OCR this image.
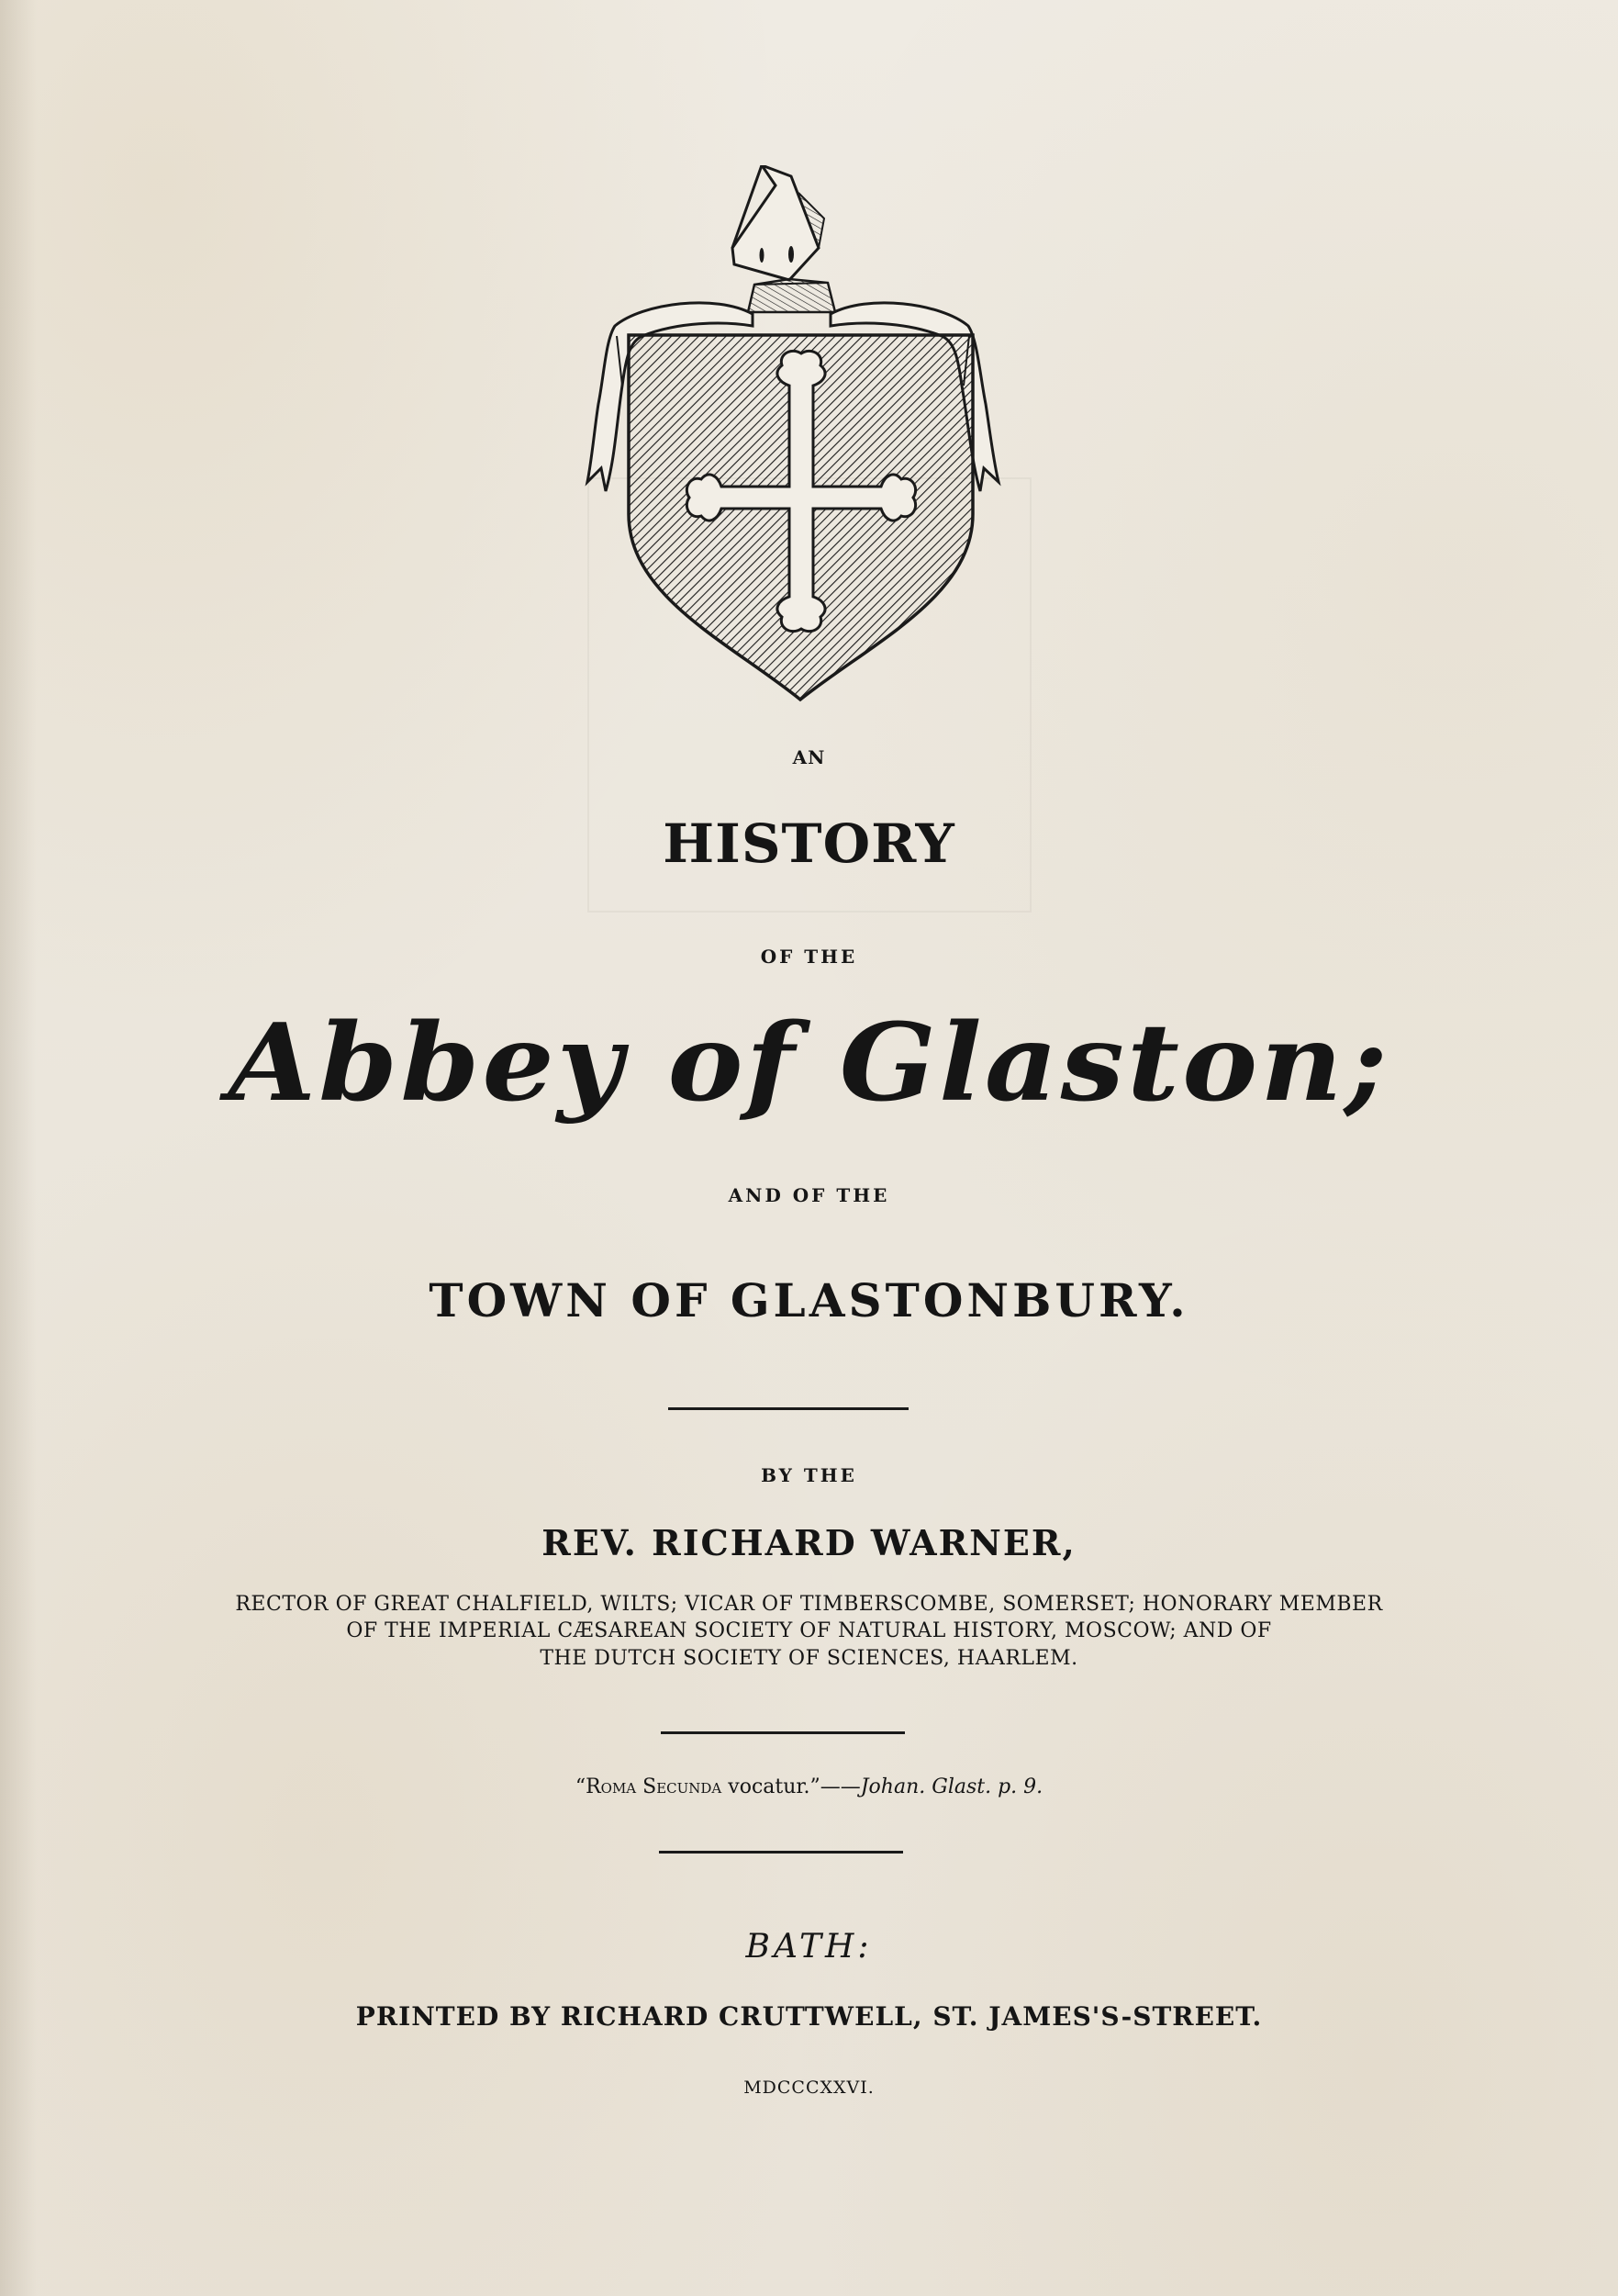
AN
HISTORY
OF THE
Abbey of Glaston;
AND OF THE
TOWN OF GLASTONBURY.
BY THE
REV. RICHARD WARNER,
RECTOR OF GREAT CHALFIELD, WILTS; VICAR OF TIMBERSCOMBE, SOMERSET; HONORARY MEMBER
OF THE IMPERIAL CÆSAREAN SOCIETY OF NATURAL HISTORY, MOSCOW; AND OF
THE DUTCH SOCIETY OF SCIENCES, HAARLEM.
“Roma Secunda vocatur.”——Johan. Glast. p. 9.
BATH:
PRINTED BY RICHARD CRUTTWELL, ST. JAMES'S-STREET.
MDCCCXXVI.
